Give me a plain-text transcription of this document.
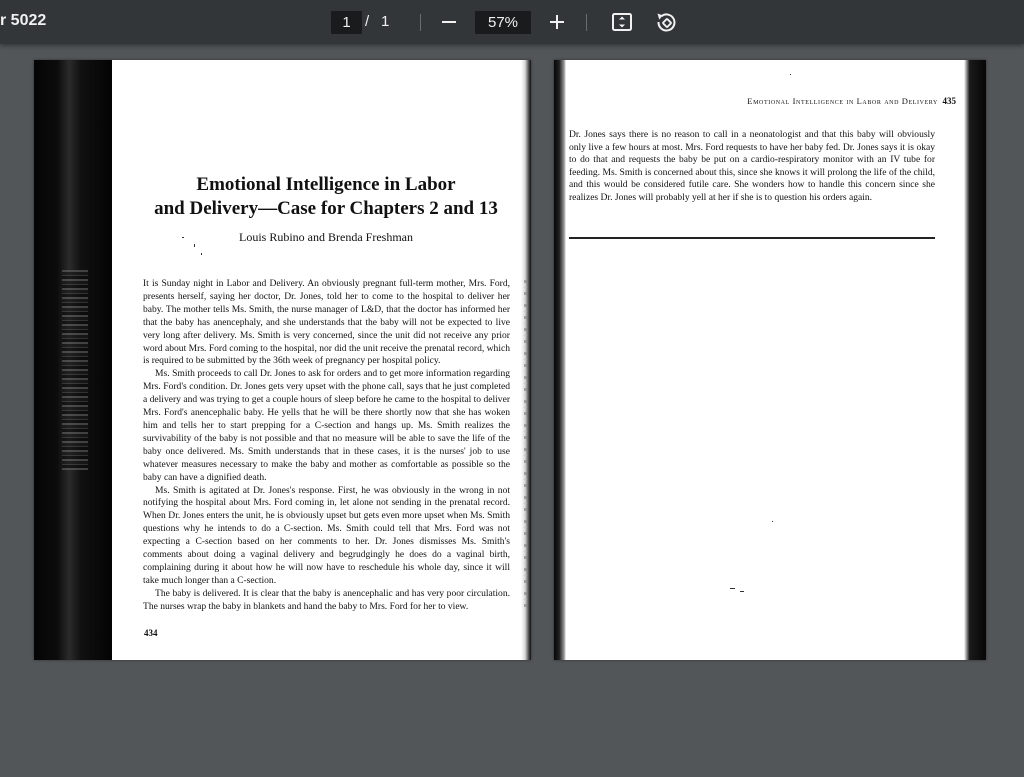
r 5022
1	/ 1
57%
Emotional Intelligence in Labor
and Delivery—Case for Chapters 2 and 13
Louis Rubino and Brenda Freshman

It is Sunday night in Labor and Delivery. An obviously pregnant full-term mother, Mrs. Ford, presents herself, saying her doctor, Dr. Jones, told her to come to the hospital to deliver her baby. The mother tells Ms. Smith, the nurse manager of L&D, that the doctor has informed her that the baby has anencephaly, and she understands that the baby will not be expected to live very long after delivery. Ms. Smith is very concerned, since the unit did not receive any prior word about Mrs. Ford coming to the hospital, nor did the unit receive the prenatal record, which is required to be submitted by the 36th week of pregnancy per hospital policy.

Ms. Smith proceeds to call Dr. Jones to ask for orders and to get more information regarding Mrs. Ford's condition. Dr. Jones gets very upset with the phone call, says that he just completed a delivery and was trying to get a couple hours of sleep before he came to the hospital to deliver Mrs. Ford's anencephalic baby. He yells that he will be there shortly now that she has woken him and tells her to start prepping for a C-section and hangs up. Ms. Smith realizes the survivability of the baby is not possible and that no measure will be able to save the life of the baby once delivered. Ms. Smith understands that in these cases, it is the nurses' job to use whatever measures necessary to make the baby and mother as comfortable as possible so the baby can have a dignified death.

Ms. Smith is agitated at Dr. Jones's response. First, he was obviously in the wrong in not notifying the hospital about Mrs. Ford coming in, let alone not sending in the prenatal record. When Dr. Jones enters the unit, he is obviously upset but gets even more upset when Ms. Smith questions why he intends to do a C-section. Ms. Smith could tell that Mrs. Ford was not expecting a C-section based on her comments to her. Dr. Jones dismisses Ms. Smith's comments about doing a vaginal delivery and begrudgingly he does do a vaginal birth, complaining during it about how he will now have to reschedule his whole day, since it will take much longer than a C-section.

The baby is delivered. It is clear that the baby is anencephalic and has very poor circulation. The nurses wrap the baby in blankets and hand the baby to Mrs. Ford for her to view.

434
Emotional Intelligence in Labor and Delivery 435

Dr. Jones says there is no reason to call in a neonatologist and that this baby will obviously only live a few hours at most. Mrs. Ford requests to have her baby fed. Dr. Jones says it is okay to do that and requests the baby be put on a cardio-respiratory monitor with an IV tube for feeding. Ms. Smith is concerned about this, since she knows it will prolong the life of the child, and this would be considered futile care. She wonders how to handle this concern since she realizes Dr. Jones will probably yell at her if she is to question his orders again.
